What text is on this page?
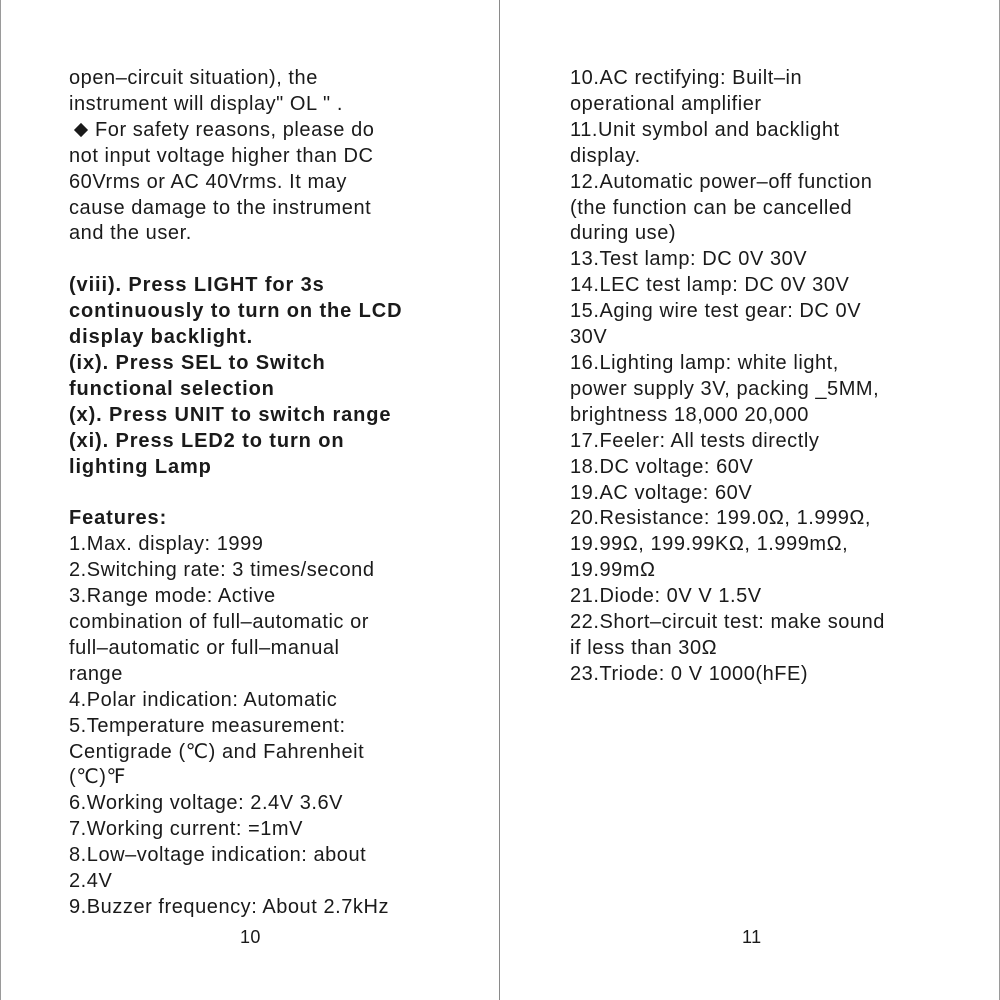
open–circuit situation), the
instrument will display" OL " .
For safety reasons, please do
not input voltage higher than DC
60Vrms or AC 40Vrms. It may
cause damage to the instrument
and the user.
(viii). Press LIGHT for 3s
continuously to turn on the LCD
display backlight.
(ix). Press SEL to Switch
functional selection
(x). Press UNIT to switch range
(xi). Press LED2 to turn on
lighting Lamp
Features:
1.Max. display: 1999
2.Switching rate: 3 times/second
3.Range mode: Active
combination of full–automatic or
full–automatic or full–manual
range
4.Polar indication: Automatic
5.Temperature measurement:
Centigrade (℃) and Fahrenheit
(℃)℉
6.Working voltage: 2.4V 3.6V
7.Working current: =1mV
8.Low–voltage indication: about
2.4V
9.Buzzer frequency: About 2.7kHz
10
10.AC rectifying: Built–in
operational amplifier
11.Unit symbol and backlight
display.
12.Automatic power–off function
(the function can be cancelled
during use)
13.Test lamp: DC 0V 30V
14.LEC test lamp: DC 0V 30V
15.Aging wire test gear: DC 0V
30V
16.Lighting lamp: white light,
power supply 3V, packing _5MM,
brightness 18,000 20,000
17.Feeler: All tests directly
18.DC voltage: 60V
19.AC voltage: 60V
20.Resistance: 199.0Ω, 1.999Ω,
19.99Ω, 199.99KΩ, 1.999mΩ,
19.99mΩ
21.Diode: 0V V 1.5V
22.Short–circuit test: make sound
if less than 30Ω
23.Triode: 0 V 1000(hFE)
11
